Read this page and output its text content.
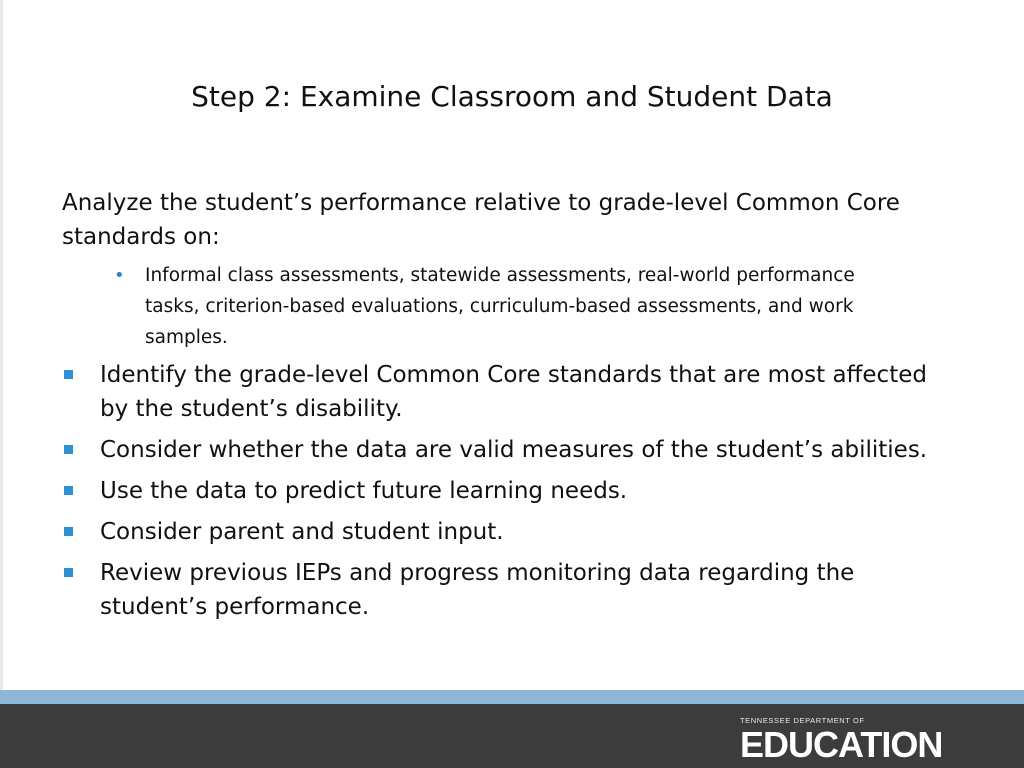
Step 2: Examine Classroom and Student Data

Analyze the student’s performance relative to grade-level Common Core standards on:

• Informal class assessments, statewide assessments, real-world performance tasks, criterion-based evaluations, curriculum-based assessments, and work samples.
Identify the grade-level Common Core standards that are most affected by the student’s disability.
Consider whether the data are valid measures of the student’s abilities.
Use the data to predict future learning needs.
Consider parent and student input.
Review previous IEPs and progress monitoring data regarding the student’s performance.
TENNESSEE DEPARTMENT OF
EDUCATION
